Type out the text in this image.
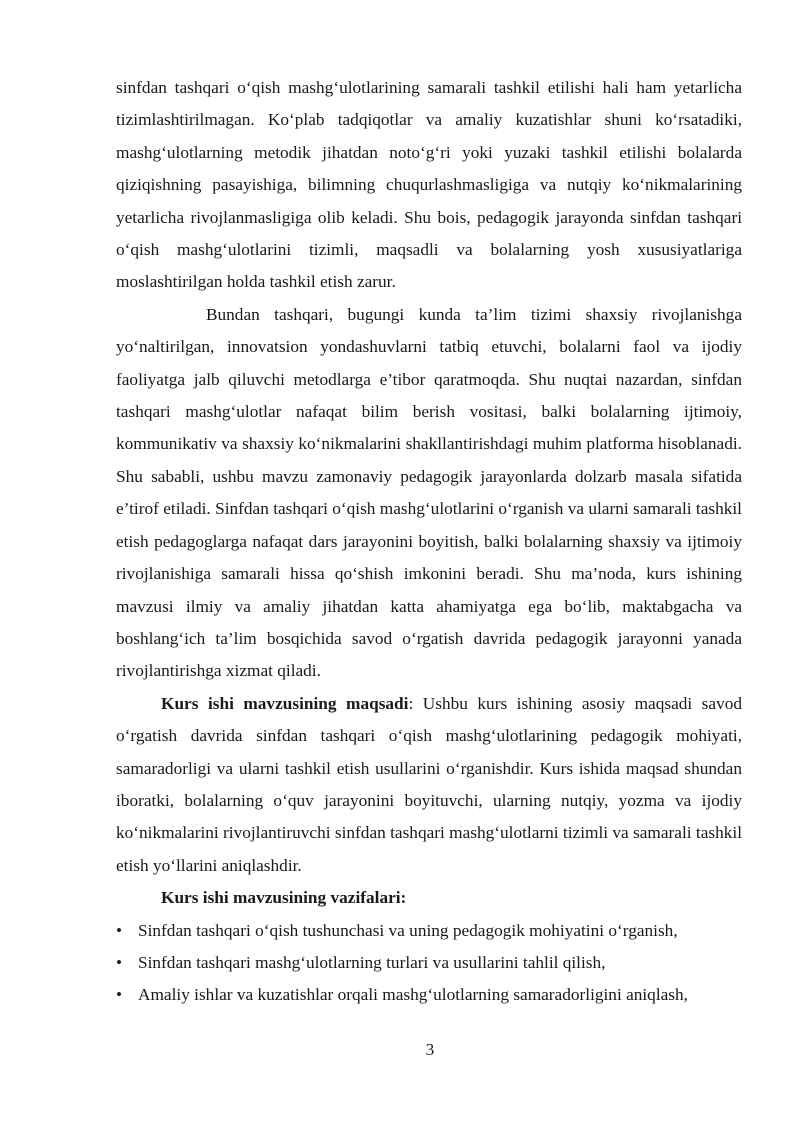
sinfdan tashqari o‘qish mashg‘ulotlarining samarali tashkil etilishi hali ham yetarlicha tizimlashtirilmagan. Ko‘plab tadqiqotlar va amaliy kuzatishlar shuni ko‘rsatadiki, mashg‘ulotlarning metodik jihatdan noto‘g‘ri yoki yuzaki tashkil etilishi bolalarda qiziqishning pasayishiga, bilimning chuqurlashmasligiga va nutqiy ko‘nikmalarining yetarlicha rivojlanmasligiga olib keladi. Shu bois, pedagogik jarayonda sinfdan tashqari o‘qish mashg‘ulotlarini tizimli, maqsadli va bolalarning yosh xususiyatlariga moslashtirilgan holda tashkil etish zarur.

Bundan tashqari, bugungi kunda ta’lim tizimi shaxsiy rivojlanishga yo‘naltirilgan, innovatsion yondashuvlarni tatbiq etuvchi, bolalarni faol va ijodiy faoliyatga jalb qiluvchi metodlarga e’tibor qaratmoqda. Shu nuqtai nazardan, sinfdan tashqari mashg‘ulotlar nafaqat bilim berish vositasi, balki bolalarning ijtimoiy, kommunikativ va shaxsiy ko‘nikmalarini shakllantirishdagi muhim platforma hisoblanadi. Shu sababli, ushbu mavzu zamonaviy pedagogik jarayonlarda dolzarb masala sifatida e’tirof etiladi. Sinfdan tashqari o‘qish mashg‘ulotlarini o‘rganish va ularni samarali tashkil etish pedagoglarga nafaqat dars jarayonini boyitish, balki bolalarning shaxsiy va ijtimoiy rivojlanishiga samarali hissa qo‘shish imkonini beradi. Shu ma’noda, kurs ishining mavzusi ilmiy va amaliy jihatdan katta ahamiyatga ega bo‘lib, maktabgacha va boshlang‘ich ta’lim bosqichida savod o‘rgatish davrida pedagogik jarayonni yanada rivojlantirishga xizmat qiladi.

Kurs ishi mavzusining maqsadi: Ushbu kurs ishining asosiy maqsadi savod o‘rgatish davrida sinfdan tashqari o‘qish mashg‘ulotlarining pedagogik mohiyati, samaradorligi va ularni tashkil etish usullarini o‘rganishdir. Kurs ishida maqsad shundan iboratki, bolalarning o‘quv jarayonini boyituvchi, ularning nutqiy, yozma va ijodiy ko‘nikmalarini rivojlantiruvchi sinfdan tashqari mashg‘ulotlarni tizimli va samarali tashkil etish yo‘llarini aniqlashdir.

Kurs ishi mavzusining vazifalari:

• Sinfdan tashqari o‘qish tushunchasi va uning pedagogik mohiyatini o‘rganish,
• Sinfdan tashqari mashg‘ulotlarning turlari va usullarini tahlil qilish,
• Amaliy ishlar va kuzatishlar orqali mashg‘ulotlarning samaradorligini aniqlash,
3
